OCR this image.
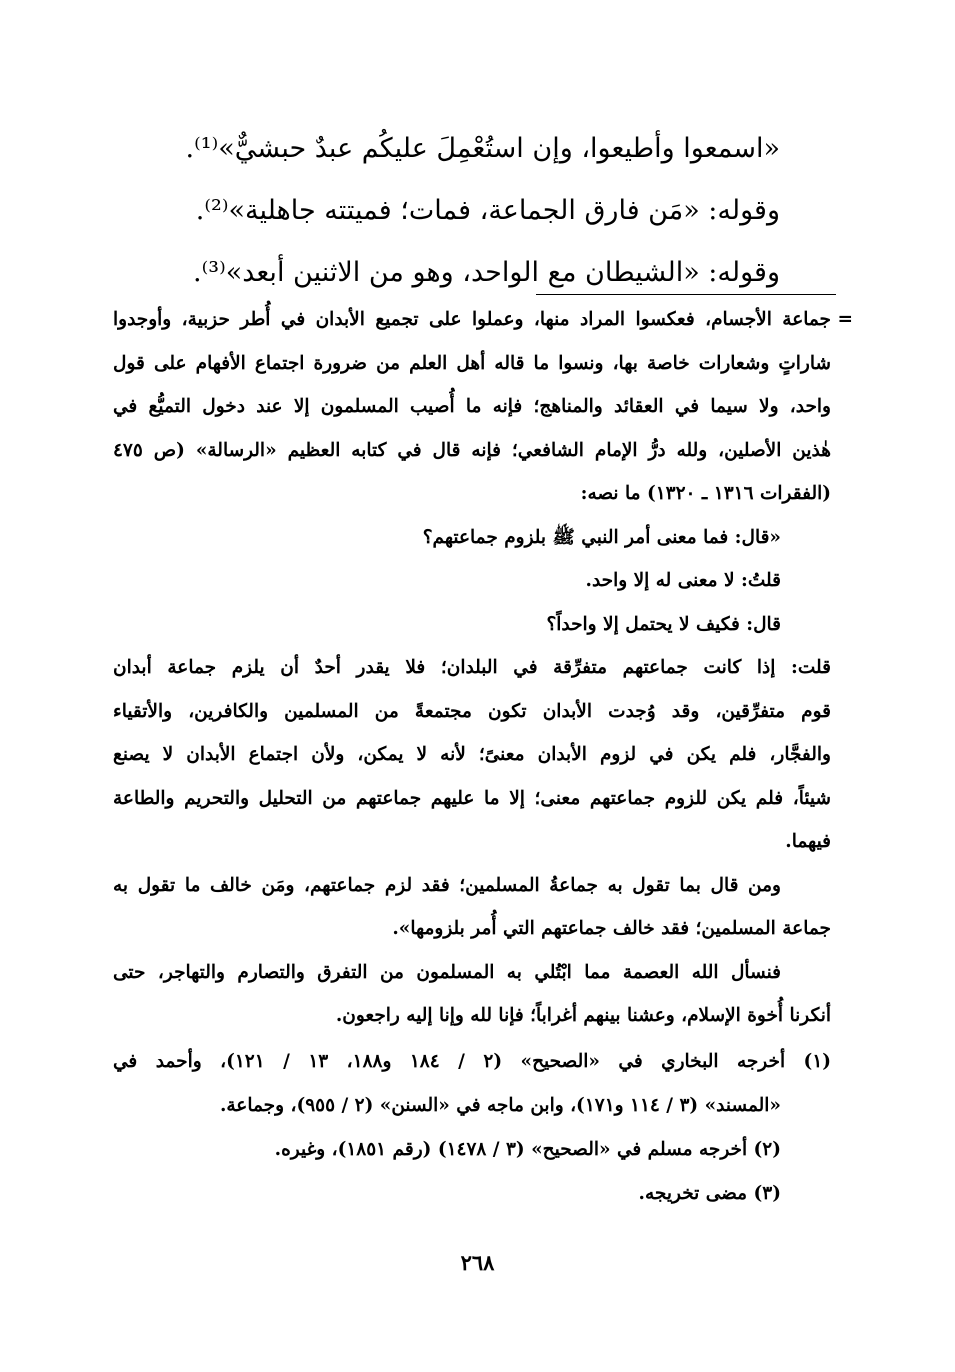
«اسمعوا وأطيعوا، وإن استُعْمِلَ عليكُم عبدٌ حبشيٌّ»⁽¹⁾.
وقوله: «مَن فارق الجماعة، فمات؛ فميتته جاهلية»⁽²⁾.
وقوله: «الشيطان مع الواحد، وهو من الاثنين أبعد»⁽³⁾.
=
جماعة الأجسام، فعكسوا المراد منها، وعملوا على تجميع الأبدان في أُطر حزبية، وأوجدوا
شاراتٍ وشعارات خاصة بها، ونسوا ما قاله أهل العلم من ضرورة اجتماع الأفهام على قول
واحد، ولا سيما في العقائد والمناهج؛ فإنه ما أُصيب المسلمون إلا عند دخول التميُّع في
هٰذين الأصلين، ولله درُّ الإمام الشافعي؛ فإنه قال في كتابه العظيم «الرسالة» (ص ٤٧٥
(الفقرات ١٣١٦ ـ ١٣٢٠) ما نصه:
«قال: فما معنى أمر النبي ﷺ بلزوم جماعتهم؟
قلتُ: لا معنى له إلا واحد.
قال: فكيف لا يحتمل إلا واحداً؟
قلت: إذا كانت جماعتهم متفرِّقة في البلدان؛ فلا يقدر أحدٌ أن يلزم جماعة أبدان
قوم متفرِّقين، وقد وُجدت الأبدان تكون مجتمعةً من المسلمين والكافرين، والأتقياء
والفجَّار، فلم يكن في لزوم الأبدان معنىً؛ لأنه لا يمكن، ولأن اجتماع الأبدان لا يصنع
شيئاً، فلم يكن للزوم جماعتهم معنى؛ إلا ما عليهم جماعتهم من التحليل والتحريم والطاعة
فيهما.
ومن قال بما تقول به جماعةُ المسلمين؛ فقد لزم جماعتهم، ومَن خالف ما تقول به
جماعة المسلمين؛ فقد خالف جماعتهم التي أُمر بلزومها».
فنسأل الله العصمة مما ابْتُلي به المسلمون من التفرق والتصارم والتهاجر، حتى
أنكرنا أُخوة الإسلام، وعشنا بينهم أغراباً؛ فإنا لله وإنا إليه راجعون.
(١) أخرجه البخاري في «الصحيح» (٢ / ١٨٤ و١٨٨، ١٣ / ١٢١)، وأحمد في
«المسند» (٣ / ١١٤ و١٧١)، وابن ماجه في «السنن» (٢ / ٩٥٥)، وجماعة.
(٢) أخرجه مسلم في «الصحيح» (٣ / ١٤٧٨) (رقم ١٨٥١)، وغيره.
(٣) مضى تخريجه.
٢٦٨
